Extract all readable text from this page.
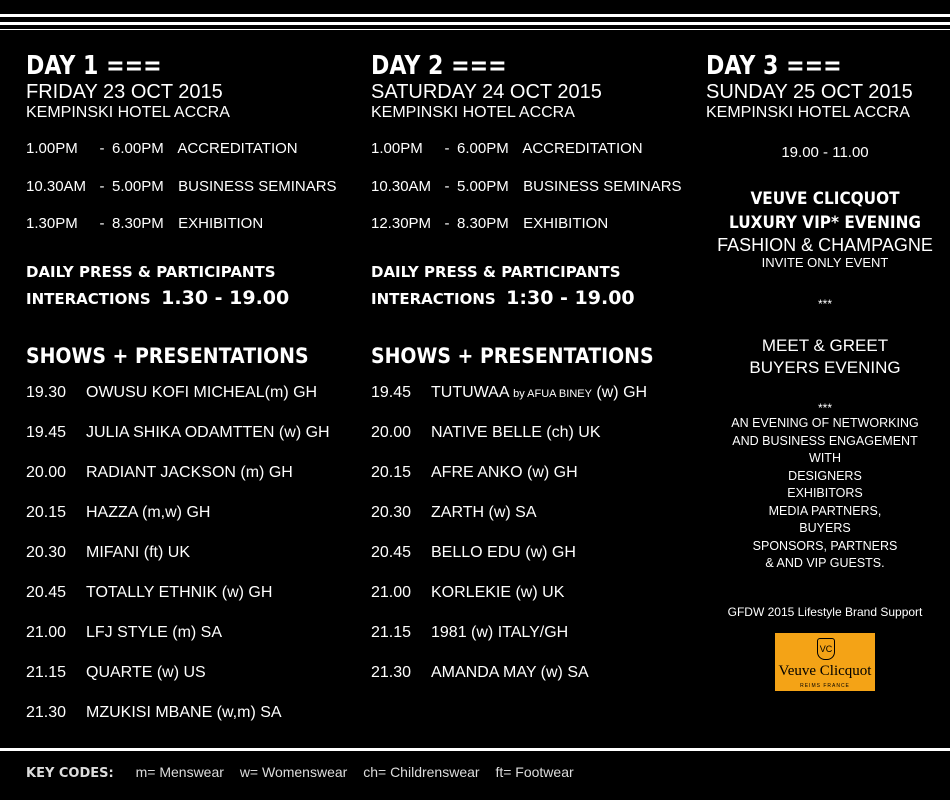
DAY 1 ===
FRIDAY 23 OCT 2015
KEMPINSKI HOTEL ACCRA
1.00PM - 6.00PM ACCREDITATION
10.30AM - 5.00PM BUSINESS SEMINARS
1.30PM - 8.30PM EXHIBITION
DAILY PRESS & PARTICIPANTS
INTERACTIONS 1.30 - 19.00
SHOWS + PRESENTATIONS
19.30 OWUSU KOFI MICHEAL(m) GH
19.45 JULIA SHIKA ODAMTTEN (w) GH
20.00 RADIANT JACKSON (m) GH
20.15 HAZZA (m,w) GH
20.30 MIFANI (ft) UK
20.45 TOTALLY ETHNIK (w) GH
21.00 LFJ STYLE (m) SA
21.15 QUARTE (w) US
21.30 MZUKISI MBANE (w,m) SA
DAY 2 ===
SATURDAY 24 OCT 2015
KEMPINSKI HOTEL ACCRA
1.00PM - 6.00PM ACCREDITATION
10.30AM - 5.00PM BUSINESS SEMINARS
12.30PM - 8.30PM EXHIBITION
DAILY PRESS & PARTICIPANTS
INTERACTIONS 1:30 - 19.00
SHOWS + PRESENTATIONS
19.45 TUTUWAA by AFUA BINEY (w) GH
20.00 NATIVE BELLE (ch) UK
20.15 AFRE ANKO (w) GH
20.30 ZARTH (w) SA
20.45 BELLO EDU (w) GH
21.00 KORLEKIE (w) UK
21.15 1981 (w) ITALY/GH
21.30 AMANDA MAY (w) SA
DAY 3 ===
SUNDAY 25 OCT 2015
KEMPINSKI HOTEL ACCRA
19.00 - 11.00
VEUVE CLICQUOT
LUXURY VIP* EVENING
FASHION & CHAMPAGNE
INVITE ONLY EVENT
***
MEET & GREET
BUYERS EVENING
***
AN EVENING OF NETWORKING
AND BUSINESS ENGAGEMENT
WITH
DESIGNERS
EXHIBITORS
MEDIA PARTNERS,
BUYERS
SPONSORS, PARTNERS
& AND VIP GUESTS.
GFDW 2015 Lifestyle Brand Support
VC
Veuve Clicquot
REIMS FRANCE
KEY CODES: m= Menswear w= Womenswear ch= Childrenswear ft= Footwear
